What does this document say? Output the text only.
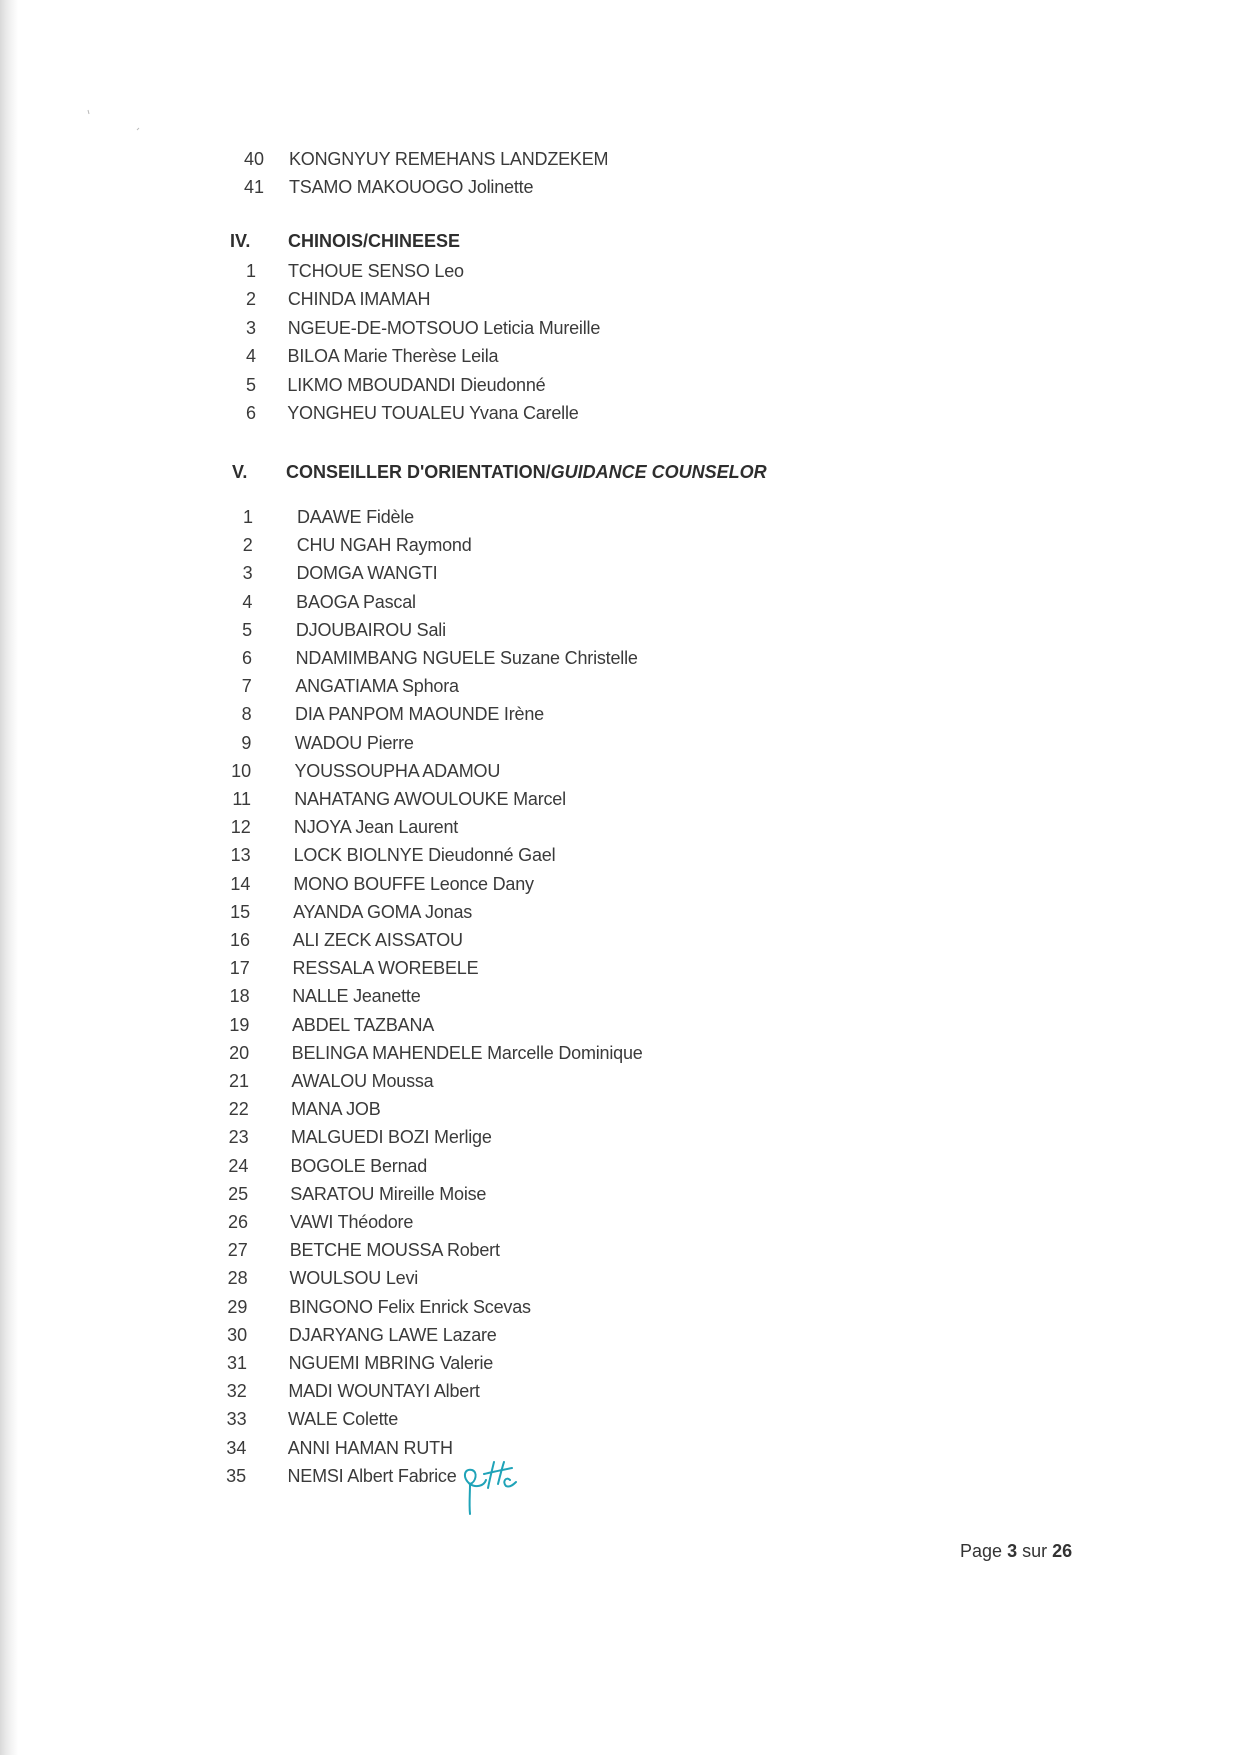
40 KONGNYUY REMEHANS LANDZEKEM
41 TSAMO MAKOUOGO Jolinette
IV. CHINOIS/CHINEESE
1 TCHOUE SENSO Leo
2 CHINDA IMAMAH
3 NGEUE-DE-MOTSOUO Leticia Mureille
4 BILOA Marie Therèse Leila
5 LIKMO MBOUDANDI Dieudonné
6 YONGHEU TOUALEU Yvana Carelle
V. CONSEILLER D'ORIENTATION/GUIDANCE COUNSELOR
1 DAAWE Fidèle
2 CHU NGAH Raymond
3 DOMGA WANGTI
4 BAOGA Pascal
5 DJOUBAIROU Sali
6 NDAMIMBANG NGUELE Suzane Christelle
7 ANGATIAMA Sphora
8 DIA PANPOM MAOUNDE Irène
9 WADOU Pierre
10 YOUSSOUPHA ADAMOU
11 NAHATANG AWOULOUKE Marcel
12 NJOYA Jean Laurent
13 LOCK BIOLNYE Dieudonné Gael
14 MONO BOUFFE Leonce Dany
15 AYANDA GOMA Jonas
16 ALI ZECK AISSATOU
17 RESSALA WOREBELE
18 NALLE Jeanette
19 ABDEL TAZBANA
20 BELINGA MAHENDELE Marcelle Dominique
21 AWALOU Moussa
22 MANA JOB
23 MALGUEDI BOZI Merlige
24 BOGOLE Bernad
25 SARATOU Mireille Moise
26 VAWI Théodore
27 BETCHE MOUSSA Robert
28 WOULSOU Levi
29 BINGONO Felix Enrick Scevas
30 DJARYANG LAWE Lazare
31 NGUEMI MBRING Valerie
32 MADI WOUNTAYI Albert
33 WALE Colette
34 ANNI HAMAN RUTH
35 NEMSI Albert Fabrice
Page 3 sur 26
